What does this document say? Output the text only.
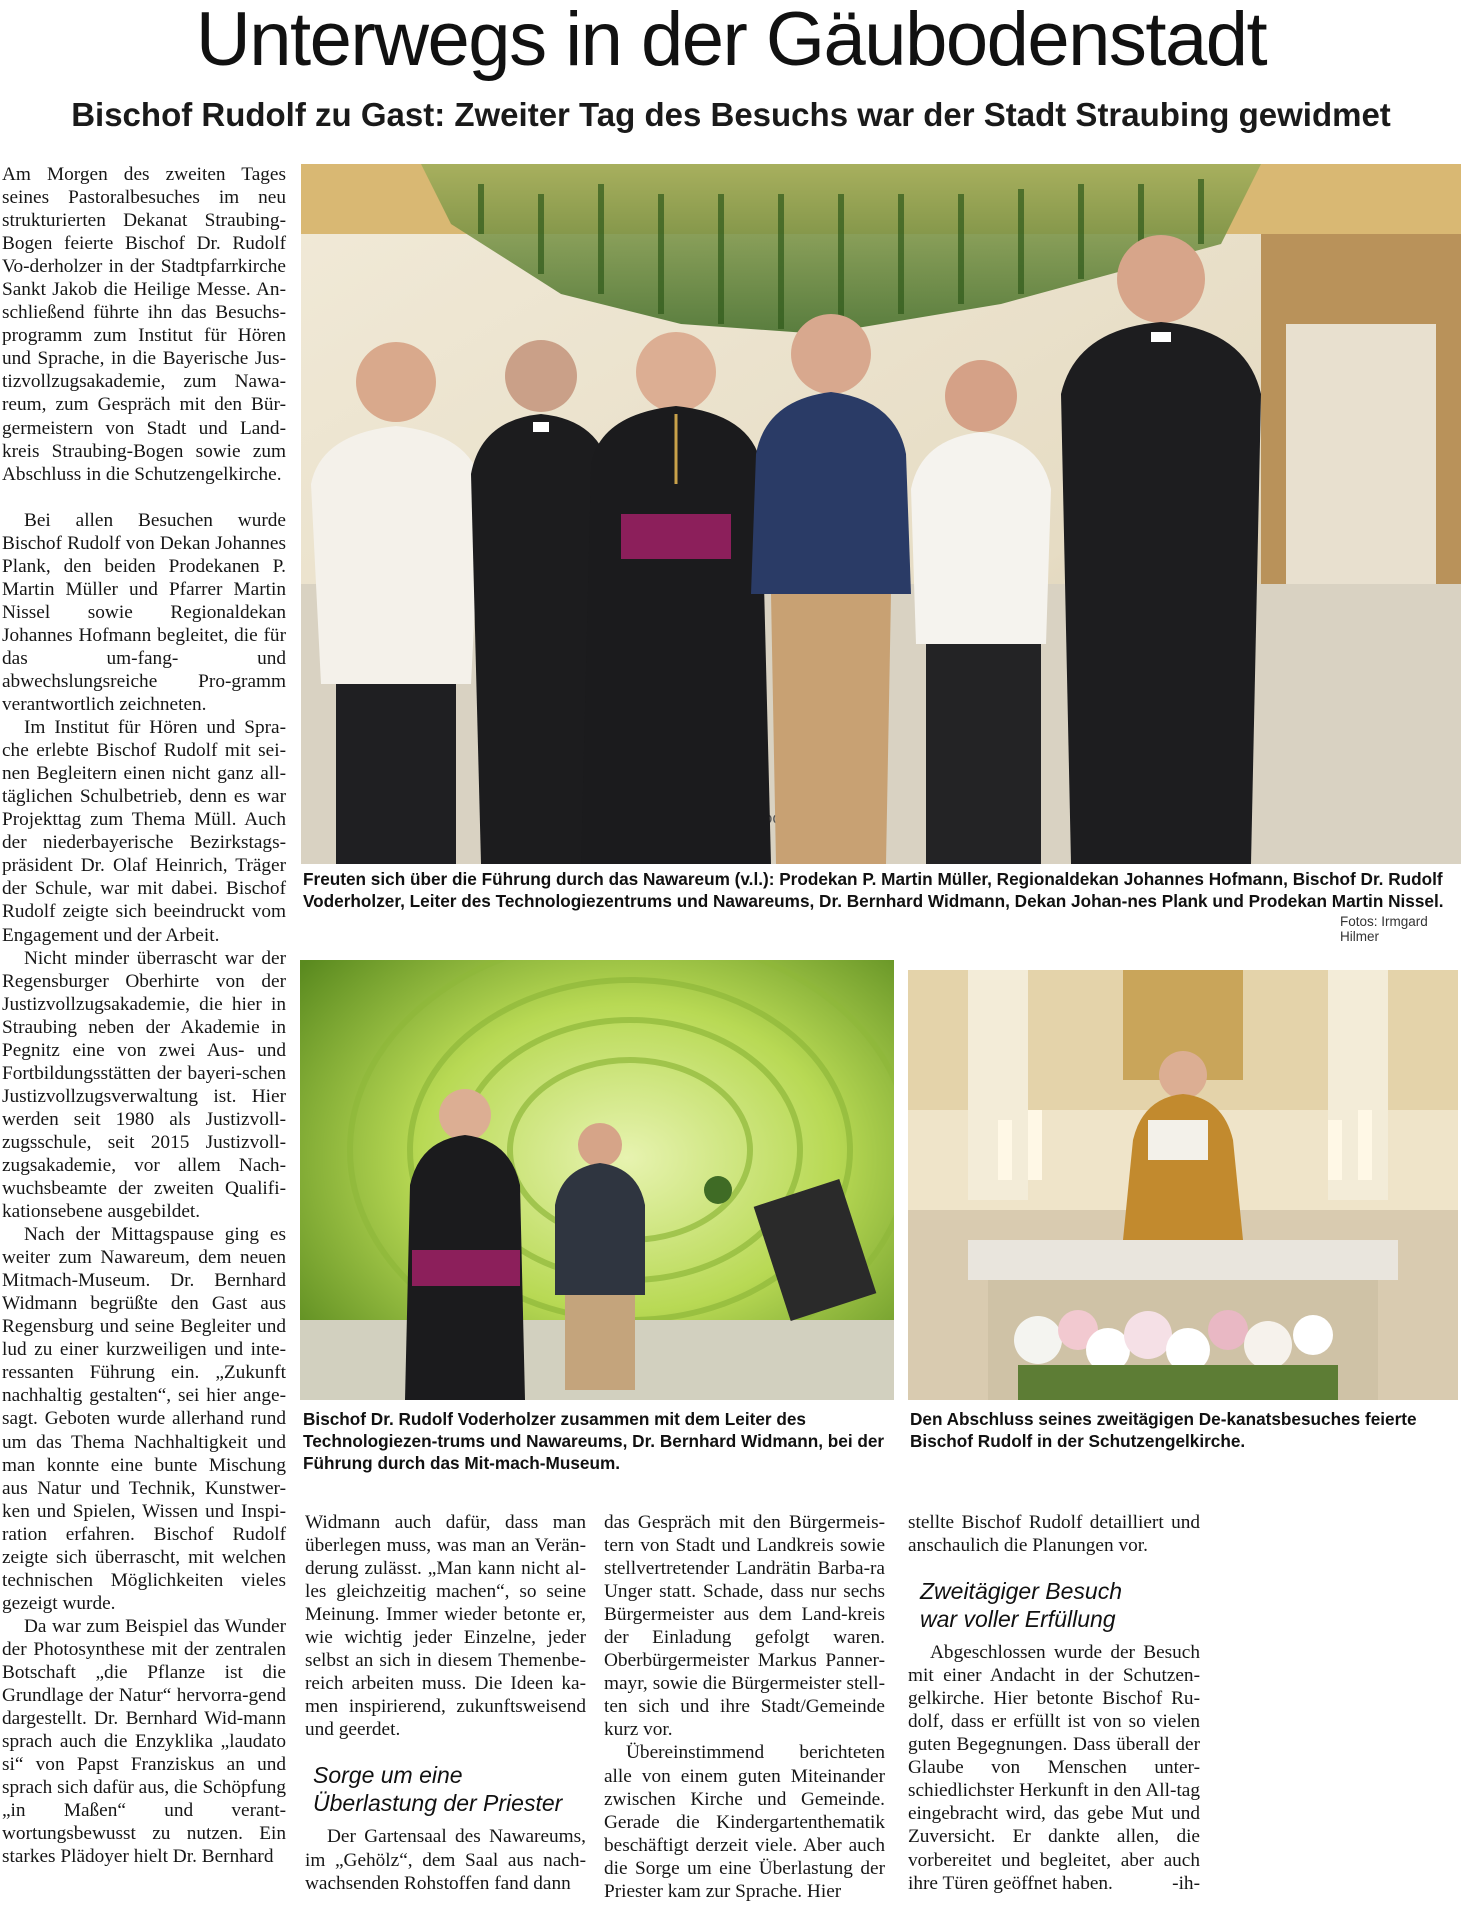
Unterwegs in der Gäubodenstadt
Bischof Rudolf zu Gast: Zweiter Tag des Besuchs war der Stadt Straubing gewidmet

Am Morgen des zweiten Tages seines Pastoralbesuches im neu strukturierten Dekanat Straubing-Bogen feierte Bischof Dr. Rudolf Vo-derholzer in der Stadtpfarrkirche Sankt Jakob die Heilige Messe. An-schließend führte ihn das Besuchs-programm zum Institut für Hören und Sprache, in die Bayerische Jus-tizvollzugsakademie, zum Nawa-reum, zum Gespräch mit den Bür-germeistern von Stadt und Land-kreis Straubing-Bogen sowie zum Abschluss in die Schutzengelkirche.

Bei allen Besuchen wurde Bischof Rudolf von Dekan Johannes Plank, den beiden Prodekanen P. Martin Müller und Pfarrer Martin Nissel sowie Regionaldekan Johannes Hofmann begleitet, die für das um-fang- und abwechslungsreiche Pro-gramm verantwortlich zeichneten.

Im Institut für Hören und Spra-che erlebte Bischof Rudolf mit sei-nen Begleitern einen nicht ganz all-täglichen Schulbetrieb, denn es war Projekttag zum Thema Müll. Auch der niederbayerische Bezirkstags-präsident Dr. Olaf Heinrich, Träger der Schule, war mit dabei. Bischof Rudolf zeigte sich beeindruckt vom Engagement und der Arbeit.

Nicht minder überrascht war der Regensburger Oberhirte von der Justizvollzugsakademie, die hier in Straubing neben der Akademie in Pegnitz eine von zwei Aus- und Fortbildungsstätten der bayeri-schen Justizvollzugsverwaltung ist. Hier werden seit 1980 als Justizvoll-zugsschule, seit 2015 Justizvoll-zugsakademie, vor allem Nach-wuchsbeamte der zweiten Qualifi-kationsebene ausgebildet.

Nach der Mittagspause ging es weiter zum Nawareum, dem neuen Mitmach-Museum. Dr. Bernhard Widmann begrüßte den Gast aus Regensburg und seine Begleiter und lud zu einer kurzweiligen und inte-ressanten Führung ein. „Zukunft nachhaltig gestalten“, sei hier ange-sagt. Geboten wurde allerhand rund um das Thema Nachhaltigkeit und man konnte eine bunte Mischung aus Natur und Technik, Kunstwer-ken und Spielen, Wissen und Inspi-ration erfahren. Bischof Rudolf zeigte sich überrascht, mit welchen technischen Möglichkeiten vieles gezeigt wurde.

Da war zum Beispiel das Wunder der Photosynthese mit der zentralen Botschaft „die Pflanze ist die Grundlage der Natur“ hervorra-gend dargestellt. Dr. Bernhard Wid-mann sprach auch die Enzyklika „laudato si“ von Papst Franziskus an und sprach sich dafür aus, die Schöpfung „in Maßen“ und verant-wortungsbewusst zu nutzen. Ein starkes Plädoyer hielt Dr. Bernhard

Freuten sich über die Führung durch das Nawareum (v.l.): Prodekan P. Martin Müller, Regionaldekan Johannes Hofmann, Bischof Dr. Rudolf Voderholzer, Leiter des Technologiezentrums und Nawareums, Dr. Bernhard Widmann, Dekan Johan-nes Plank und Prodekan Martin Nissel.
Fotos: Irmgard Hilmer
Bischof Dr. Rudolf Voderholzer zusammen mit dem Leiter des Technologiezen-trums und Nawareums, Dr. Bernhard Widmann, bei der Führung durch das Mit-mach-Museum.
Den Abschluss seines zweitägigen De-kanatsbesuches feierte Bischof Rudolf in der Schutzengelkirche.

Widmann auch dafür, dass man überlegen muss, was man an Verän-derung zulässt. „Man kann nicht al-les gleichzeitig machen“, so seine Meinung. Immer wieder betonte er, wie wichtig jeder Einzelne, jeder selbst an sich in diesem Themenbe-reich arbeiten muss. Die Ideen ka-men inspirierend, zukunftsweisend und geerdet.

Sorge um eine
Überlastung der Priester

Der Gartensaal des Nawareums, im „Gehölz“, dem Saal aus nach-wachsenden Rohstoffen fand dann

das Gespräch mit den Bürgermeis-tern von Stadt und Landkreis sowie stellvertretender Landrätin Barba-ra Unger statt. Schade, dass nur sechs Bürgermeister aus dem Land-kreis der Einladung gefolgt waren. Oberbürgermeister Markus Panner-mayr, sowie die Bürgermeister stell-ten sich und ihre Stadt/Gemeinde kurz vor.

Übereinstimmend berichteten alle von einem guten Miteinander zwischen Kirche und Gemeinde. Gerade die Kindergartenthematik beschäftigt derzeit viele. Aber auch die Sorge um eine Überlastung der Priester kam zur Sprache. Hier

stellte Bischof Rudolf detailliert und anschaulich die Planungen vor.

Zweitägiger Besuch
war voller Erfüllung

Abgeschlossen wurde der Besuch mit einer Andacht in der Schutzen-gelkirche. Hier betonte Bischof Ru-dolf, dass er erfüllt ist von so vielen guten Begegnungen. Dass überall der Glaube von Menschen unter-schiedlichster Herkunft in den All-tag eingebracht wird, das gebe Mut und Zuversicht. Er dankte allen, die vorbereitet und begleitet, aber auch ihre Türen geöffnet haben.	-ih-
